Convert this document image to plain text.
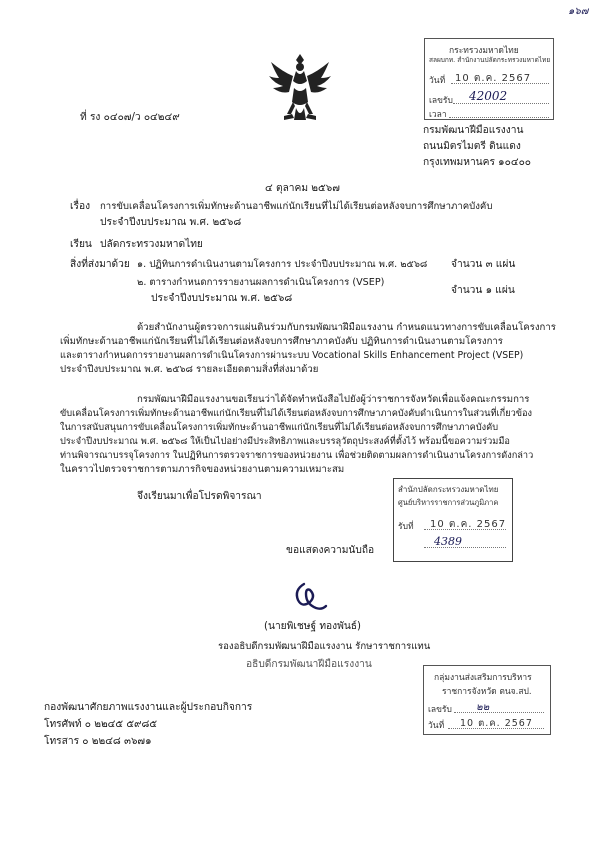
๑๖๗
กระทรวงมหาดไทย
สลผบกท. สำนักงานปลัดกระทรวงมหาดไทย
วันที่ 10 ต.ค. 2567
เลขรับ 42002
เวลา
ที่ รง ๐๔๐๗/ว ๐๔๒๔๙
กรมพัฒนาฝีมือแรงงาน
ถนนมิตรไมตรี ดินแดง
กรุงเทพมหานคร ๑๐๔๐๐
๔ ตุลาคม ๒๕๖๗
เรื่อง การขับเคลื่อนโครงการเพิ่มทักษะด้านอาชีพแก่นักเรียนที่ไม่ได้เรียนต่อหลังจบการศึกษาภาคบังคับ
ประจำปีงบประมาณ พ.ศ. ๒๕๖๘
เรียน ปลัดกระทรวงมหาดไทย
สิ่งที่ส่งมาด้วย ๑. ปฏิทินการดำเนินงานตามโครงการ ประจำปีงบประมาณ พ.ศ. ๒๕๖๘ จำนวน ๓ แผ่น
๒. ตารางกำหนดการรายงานผลการดำเนินโครงการ (VSEP)
ประจำปีงบประมาณ พ.ศ. ๒๕๖๘
จำนวน ๑ แผ่น
ด้วยสำนักงานผู้ตรวจการแผ่นดินร่วมกับกรมพัฒนาฝีมือแรงงาน กำหนดแนวทางการขับเคลื่อนโครงการ
เพิ่มทักษะด้านอาชีพแก่นักเรียนที่ไม่ได้เรียนต่อหลังจบการศึกษาภาคบังคับ ปฏิทินการดำเนินงานตามโครงการ
และตารางกำหนดการรายงานผลการดำเนินโครงการผ่านระบบ Vocational Skills Enhancement Project (VSEP)
ประจำปีงบประมาณ พ.ศ. ๒๕๖๘ รายละเอียดตามสิ่งที่ส่งมาด้วย
กรมพัฒนาฝีมือแรงงานขอเรียนว่าได้จัดทำหนังสือไปยังผู้ว่าราชการจังหวัดเพื่อแจ้งคณะกรรมการ
ขับเคลื่อนโครงการเพิ่มทักษะด้านอาชีพแก่นักเรียนที่ไม่ได้เรียนต่อหลังจบการศึกษาภาคบังคับดำเนินการในส่วนที่เกี่ยวข้อง
ในการสนับสนุนการขับเคลื่อนโครงการเพิ่มทักษะด้านอาชีพแก่นักเรียนที่ไม่ได้เรียนต่อหลังจบการศึกษาภาคบังคับ
ประจำปีงบประมาณ พ.ศ. ๒๕๖๘ ให้เป็นไปอย่างมีประสิทธิภาพและบรรลุวัตถุประสงค์ที่ตั้งไว้ พร้อมนี้ขอความร่วมมือ
ท่านพิจารณาบรรจุโครงการ ในปฏิทินการตรวจราชการของหน่วยงาน เพื่อช่วยติดตามผลการดำเนินงานโครงการดังกล่าว
ในคราวไปตรวจราชการตามภารกิจของหน่วยงานตามความเหมาะสม
จึงเรียนมาเพื่อโปรดพิจารณา
สำนักปลัดกระทรวงมหาดไทย
ศูนย์บริหารราชการส่วนภูมิภาค
รับที่ 10 ต.ค. 2567
4389
ขอแสดงความนับถือ
(นายพิเชษฐ์ ทองพันธ์)
รองอธิบดีกรมพัฒนาฝีมือแรงงาน รักษาราชการแทน
อธิบดีกรมพัฒนาฝีมือแรงงาน
กลุ่มงานส่งเสริมการบริหาร
ราชการจังหวัด ตนจ.สป.
เลขรับ ๒๒
วันที่ 10 ต.ค. 2567
กองพัฒนาศักยภาพแรงงานและผู้ประกอบกิจการ
โทรศัพท์ ๐ ๒๒๔๕ ๕๙๘๕
โทรสาร ๐ ๒๒๔๘ ๓๖๗๑
